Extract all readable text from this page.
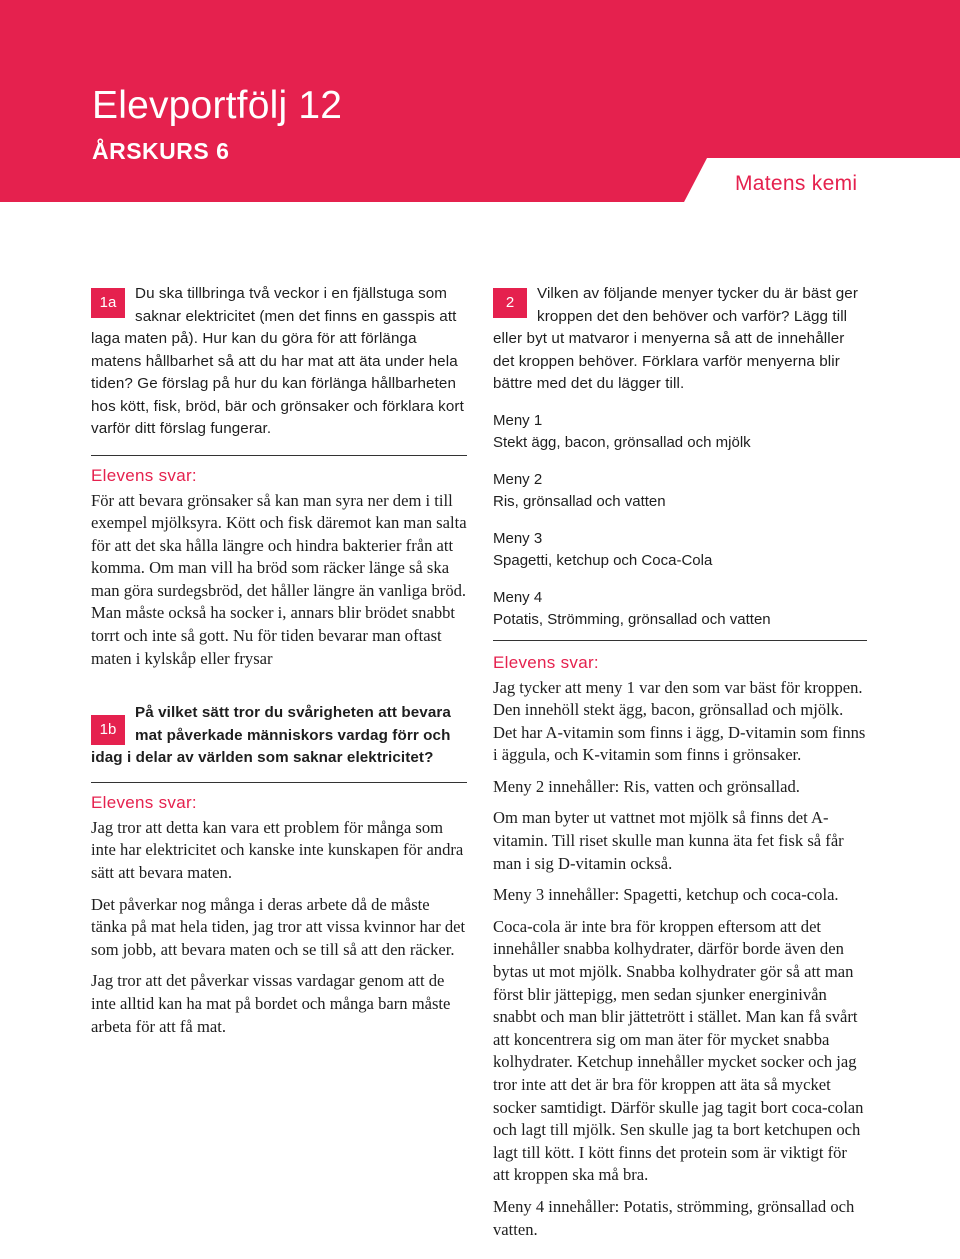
Elevportfölj 12
ÅRSKURS 6
Matens kemi
1a

Du ska tillbringa två veckor i en fjällstuga som saknar elektricitet (men det finns en gasspis att laga maten på). Hur kan du göra för att förlänga matens hållbarhet så att du har mat att äta under hela tiden? Ge förslag på hur du kan förlänga hållbarheten hos kött, fisk, bröd, bär och grönsaker och förklara kort varför ditt förslag fungerar.

Elevens svar:

För att bevara grönsaker så kan man syra ner dem i till exempel mjölksyra. Kött och fisk däremot kan man salta för att det ska hålla längre och hindra bakterier från att komma. Om man vill ha bröd som räcker länge så ska man göra surdegsbröd, det håller längre än vanliga bröd. Man måste också ha socker i, annars blir brödet snabbt torrt och inte så gott. Nu för tiden bevarar man oftast maten i kylskåp eller frysar

1b

På vilket sätt tror du svårigheten att bevara mat påverkade människors vardag förr och idag i delar av världen som saknar elektricitet?

Elevens svar:

Jag tror att detta kan vara ett problem för många som inte har elektricitet och kanske inte kunskapen för andra sätt att bevara maten.

Det påverkar nog många i deras arbete då de måste tänka på mat hela tiden, jag tror att vissa kvinnor har det som jobb, att bevara maten och se till så att den räcker.

Jag tror att det påverkar vissas vardagar genom att de inte alltid kan ha mat på bordet och många barn måste arbeta för att få mat.

2

Vilken av följande menyer tycker du är bäst ger kroppen det den behöver och varför? Lägg till eller byt ut matvaror i menyerna så att de innehåller det kroppen behöver. Förklara varför menyerna blir bättre med det du lägger till.

Meny 1

Stekt ägg, bacon, grönsallad och mjölk

Meny 2

Ris, grönsallad och vatten

Meny 3

Spagetti, ketchup och Coca-Cola

Meny 4

Potatis, Strömming, grönsallad och vatten

Elevens svar:

Jag tycker att meny 1 var den som var bäst för kroppen. Den innehöll stekt ägg, bacon, grönsallad och mjölk. Det har A-vitamin som finns i ägg, D-vitamin som finns i äggula, och K-vitamin som finns i grönsaker.

Meny 2 innehåller: Ris, vatten och grönsallad.

Om man byter ut vattnet mot mjölk så finns det A-vitamin. Till riset skulle man kunna äta fet fisk så får man i sig D-vitamin också.

Meny 3 innehåller: Spagetti, ketchup och coca-cola.

Coca-cola är inte bra för kroppen eftersom att det innehåller snabba kolhydrater, därför borde även den bytas ut mot mjölk. Snabba kolhydrater gör så att man först blir jättepigg, men sedan sjunker energinivån snabbt och man blir jättetrött i stället. Man kan få svårt att koncentrera sig om man äter för mycket snabba kolhydrater. Ketchup innehåller mycket socker och jag tror inte att det är bra för kroppen att äta så mycket socker samtidigt. Därför skulle jag tagit bort coca-colan och lagt till mjölk. Sen skulle jag ta bort ketchupen och lagt till kött. I kött finns det protein som är viktigt för att kroppen ska må bra.

Meny 4 innehåller: Potatis, strömming, grönsallad och vatten.
